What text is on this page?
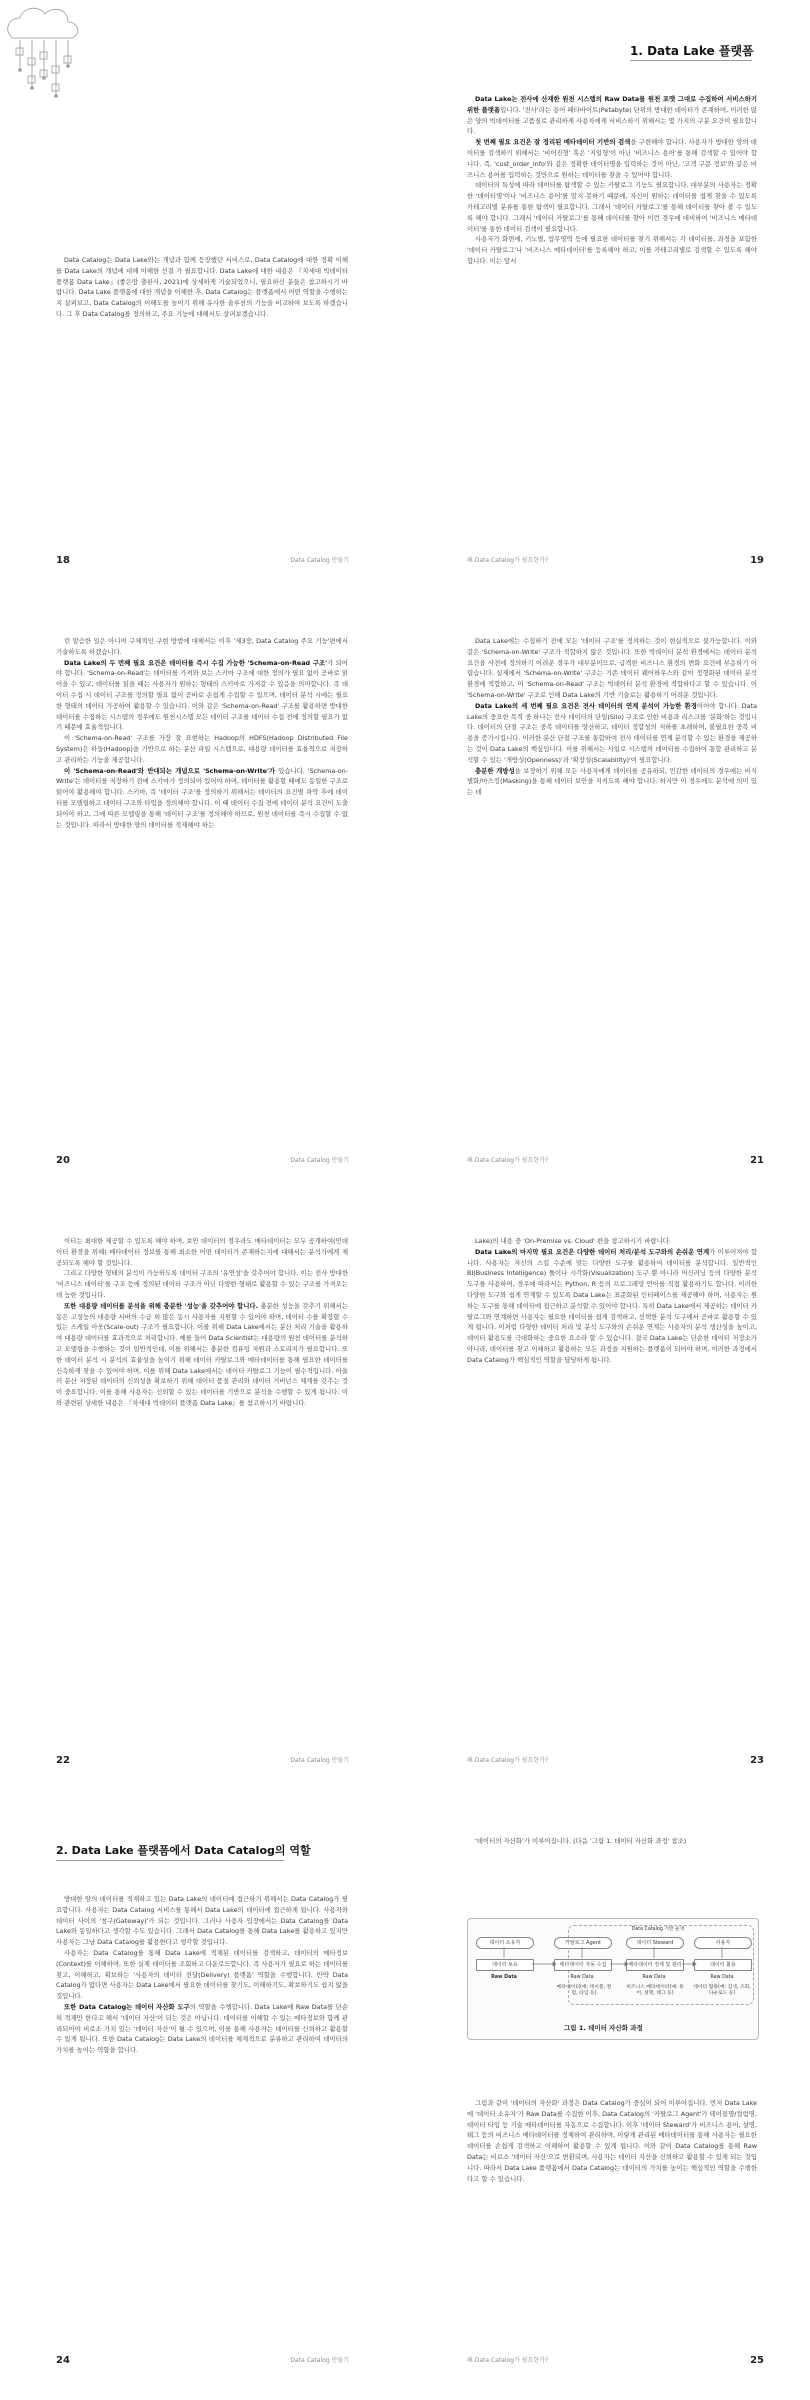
Data Catalog는 Data Lake와는 개념과 함께 등장했던 서비스로, Data Catalog에 대한 정확 이해를 Data Lake의 개념에 대해 이해한 선결 가 필요합니다. Data Lake에 대한 내용은 『차세대 빅데이터 플랫폼 Data Lake』(좋은땅 출판사, 2021)에 상세하게 기술되었으니, 필요하신 분들은 참고하시기 바랍니다. Data Lake 플랫폼에 대한 개념을 이해한 후, Data Catalog는 플랫폼에서 어떤 역할을 수행하는지 살펴보고, Data Catalog의 이해도를 높이기 위해 유사한 솔루션의 기능을 비교하여 보도록 하겠습니다. 그 후 Data Catalog를 정의하고, 주요 기능에 대해서도 살펴보겠습니다.

18	Data Catalog 만들기
1. Data Lake 플랫폼

Data Lake는 전사에 산재한 원천 시스템의 Raw Data를 원천 포맷 그대로 수집하여 서비스하기 위한 플랫폼입니다. '전사'라는 용어 페타바이트(Petabyte) 단위의 방대한 데이터가 존재하여, 이러한 많은 양의 빅데이터를 고품질로 관리하게 사용자에게 서비스하기 위해서는 몇 가지의 구분 요건이 필요합니다.

첫 번째 필요 요건은 잘 정리된 메타데이터 기반의 검색을 구현해야 합니다. 사용자가 방대한 양의 데이터를 검색하기 위해서는 '비어진형' 혹은 '지일형'이 아닌 '비즈니스 용어'를 통해 검색할 수 있어야 합니다. 즉, 'cust_order_info'와 같은 정확한 데이터명을 입력하는 것이 아닌, '고객 구문 정보'와 같은 비즈니스 용어를 입력하는 것만으로 원하는 데이터를 찾을 수 있어야 합니다.

데이터의 특성에 따라 데이터를 탐색할 수 있는 카탈로그 기능도 필요합니다. 대부분의 사용자는 정확한 '데이터명'이나 '비즈니스 용어'를 알지 못하기 때문에, 자신이 원하는 데이터를 쉽게 찾을 수 있도록 카테고리별 분류를 통한 탐색이 필요합니다. 그래서 '데이터 카탈로그'를 통해 데이터를 찾아 볼 수 있도록 해야 합니다. 그래서 '데이터 카탈로그'를 통해 데이터를 찾아 이런 경우에 대비하여 '비즈니스 메타데이터'를 통한 데이터 검색이 필요합니다.

사용자가 화면에, 키노별, 업무영역 등에 필요한 데이터를 찾기 위해서는 각 데이터를, 과정을 포함한 '데이터 카탈로그'나 '비즈니스 메타데이터'를 등록해야 하고, 이를 카테고리별로 검색할 수 있도록 해야 합니다. 이는 앞서

왜 Data Catalog가 필요한가?	19

린 말슴한 일은 아니며 구체적인 구현 방법에 대해서는 이후 '제3장, Data Catalog 주요 기능'편에서 기술하도록 하겠습니다.

Data Lake의 두 번째 필요 요건은 데이터를 즉시 수집 가능한 'Schema-on-Read 구조'가 되어야 합니다. 'Schema-on-Read'는 데이터를 가져와 보는 스키마 구조에 대한 정의가 필요 없이 곧바로 읽어올 수 있고, 데이터를 읽을 때는 사용자가 원하는 형태의 스키마로 가져갈 수 있음을 의미합니다. 즉 데이터 수집 시 데이터 구조를 정의할 필요 없이 곧바로 손쉽게 수집할 수 있으며, 데이터 분석 시에는 필요한 형태의 데이터 가공하여 활용할 수 있습니다. 이와 같은 'Schema-on-Read' 구조를 활용하면 방대한 데이터를 수집하는 시스템의 경우에도 원천시스템 모든 데이터 구조를 데이터 수집 전에 정의할 필요가 없기 때문에 효율적입니다.

이 'Schema-on-Read' 구조를 가장 잘 표현하는 Hadoop의 HDFS(Hadoop Distributed File System)은 하둡(Hadoop)을 기반으로 하는 분산 파일 시스템으로, 대용량 데이터를 효율적으로 저장하고 관리하는 기능을 제공합니다.

이 'Schema-on-Read'와 반대되는 개념으로 'Schema-on-Write'가 있습니다. 'Schema-on-Write'는 데이터를 저장하기 전에 스키마가 정의되어 있어야 하며, 데이터를 활용할 때에도 동일한 구조로 읽어야 활용해야 합니다. 스키마, 즉 '데이터 구조'를 정의하기 위해서는 데이터의 요건별 파악 후에 데이터를 모델링하고 데이터 구조와 타입을 정의해야 합니다. 이 때 데이터 수집 전에 데이터 분석 요건이 도출되어야 하고, 그에 따른 모델링을 통해 '데이터 구조'를 정의해야 하므로, 원천 데이터를 즉시 수집할 수 없는 것입니다. 따라서 방대한 양의 데이터를 적재해야 하는

20	Data Catalog 만들기

Data Lake에는 수집하기 전에 모든 '데이터 구조'를 정의하는 것이 현실적으로 불가능합니다. 이와 같은 'Schema-on-Write' 구조가 적합하지 않은 것입니다. 또한 빅데이터 분석 환경에서는 데이터 분석 요건을 사전에 정의하기 어려운 경우가 대부분이므로, 급격한 비즈니스 환경의 변화 요건에 부응하기 어렵습니다. 실제에서 'Schema-on-Write' 구조는 기존 데이터 웨어하우스와 같이 정형화된 데이터 분석 환경에 적합하고, 이 'Schema-on-Read' 구조는 빅데이터 분석 환경에 적합하다고 할 수 있습니다. 이 'Schema-on-Write' 구조로 인해 Data Lake의 기반 기술로는 활용하기 어려운 것입니다.

Data Lake의 세 번째 필요 요건은 전사 데이터의 연계 분석이 가능한 환경이어야 합니다. Data Lake의 중요한 목적 중 하나는 전사 데이터의 단일(Silo) 구조로 인한 비용과 리스크를 '분화'하는 것입니다. 데이터의 단절 구조는 중복 데이터를 양산하고, 데이터 정합성의 저하를 초래하며, 불필요한 중복 비용을 증가시킵니다. 이러한 분산 단절 구조를 통합하여 전사 데이터를 연계 분석할 수 있는 환경을 제공하는 것이 Data Lake의 핵심입니다. 이를 위해서는 사일로 시스템의 데이터를 수집하여 통합 관리하고 분석할 수 있는 '개방성(Openness)'과 '확장성(Scalability)'이 필요합니다.

충분한 개방성을 보장하기 위해 모든 사용자에게 데이터를 공유하되, 민감한 데이터의 경우에는 비식별화/마스킹(Masking)을 통해 데이터 보안을 지켜도록 해야 합니다. 하지만 이 경우에도 분석에 의미 있는 데

왜 Data Catalog가 필요한가?	21

이터는 최대한 제공할 수 있도록 해야 하며, 보안 데이터의 경우라도 메타데이터는 모두 공개하여(민데이터 환경을 위해) 메타데이터 정보를 통해 최소한 어떤 데이터가 존재하는지에 대해서는 분석가에게 제공되도록 해야 할 것입니다.

그리고 다양한 형태의 분석이 가능하도록 데이터 구조의 '유연성'을 갖추어야 합니다. 이는 전사 방대한 '비즈니스 데이터'를 구조 등에 정의된 데이터 구조가 아닌 다양한 형태로 활용할 수 있는 구조를 가져오는데 능한 것입니다.

또한 대용량 데이터를 분석을 위해 충분한 '성능'을 갖추어야 합니다. 충분한 성능을 갖추기 위해서는 동은 고성능의 대용량 서버의 수급 외 많은 동시 사용자를 지원할 수 있어야 하며, 데이터 수를 확장할 수 있는 스케일 아웃(Scale-out) 구조가 필요합니다. 이를 위해 Data Lake에서는 분산 처리 기술을 활용하여 대용량 데이터를 효과적으로 처리합니다. 예를 들어 Data Scientist는 대용량의 원천 데이터를 분석하고 모델링을 수행하는 것이 일반적인데, 이를 위해서는 충분한 컴퓨팅 자원과 스토리지가 필요합니다. 또한 데이터 분석 시 분석의 효율성을 높이기 위해 데이터 카탈로그와 메타데이터를 통해 필요한 데이터를 신속하게 찾을 수 있어야 하며, 이를 위해 Data Lake에서는 데이터 카탈로그 기능이 필수적입니다. 아울러 분산 저장된 데이터의 신뢰성을 확보하기 위해 데이터 품질 관리와 데이터 거버넌스 체계를 갖추는 것이 중요합니다. 이를 통해 사용자는 신뢰할 수 있는 데이터를 기반으로 분석을 수행할 수 있게 됩니다. 이와 관련된 상세한 내용은 『차세대 빅데이터 플랫폼 Data Lake』를 참고하시기 바랍니다.

22	Data Catalog 만들기

Lake)의 내용 중 'On-Premise vs. Cloud' 편을 참고하시기 바랍니다.

Data Lake의 마지막 필요 요건은 다양한 데이터 처리/분석 도구와의 손쉬운 연계가 이루어져야 합니다. 사용자는 자신의 스킬 수준에 맞는 다양한 도구를 활용하여 데이터를 분석합니다. 일반적인 BI(Business Intelligence) 툴이나 시각화(Visualization) 도구 뿐 아니라 머신러닝 등의 다양한 분석 도구를 사용하며, 경우에 따라서는 Python, R 등의 프로그래밍 언어를 직접 활용하기도 합니다. 이러한 다양한 도구와 쉽게 연계할 수 있도록 Data Lake는 표준화된 인터페이스를 제공해야 하며, 사용자는 원하는 도구를 통해 데이터에 접근하고 분석할 수 있어야 합니다. 특히 Data Lake에서 제공하는 데이터 카탈로그와 연계하면 사용자는 필요한 데이터를 쉽게 검색하고, 선택한 분석 도구에서 곧바로 활용할 수 있게 됩니다. 이처럼 다양한 데이터 처리 및 분석 도구와의 손쉬운 연계는 사용자의 분석 생산성을 높이고, 데이터 활용도를 극대화하는 중요한 요소라 할 수 있습니다. 결국 Data Lake는 단순한 데이터 저장소가 아니라, 데이터를 찾고 이해하고 활용하는 모든 과정을 지원하는 플랫폼이 되어야 하며, 이러한 과정에서 Data Catalog가 핵심적인 역할을 담당하게 됩니다.

왜 Data Catalog가 필요한가?	23
2. Data Lake 플랫폼에서 Data Catalog의 역할

방대한 양의 데이터를 적재하고 있는 Data Lake의 데이터에 접근하기 위해서는 Data Catalog가 필요합니다. 사용자는 Data Catalog 서비스를 통해서 Data Lake의 데이터에 접근하게 됩니다. 사용자와 데이터 사이의 '창구(Gateway)'가 되는 것입니다. 그러나 사용자 입장에서는 Data Catalog를 Data Lake와 동일하다고 생각할 수도 있습니다. 그래서 Data Catalog를 통해 Data Lake를 활용하고 있지만 사용자는 그냥 Data Catalog를 활용한다고 생각할 것입니다.

사용자는 Data Catalog를 통해 Data Lake에 적재된 데이터를 검색하고, 데이터의 메타정보(Context)를 이해하며, 또한 실제 데이터를 조회하고 다운로드합니다. 즉 사용자가 필요로 하는 데이터를 찾고, 이해하고, 확보하는 '사용자의 데이터 전달(Delivery) 플랫폼' 역할을 수행합니다. 만약 Data Catalog가 없다면 사용자는 Data Lake에서 필요한 데이터를 찾기도, 이해하기도, 확보하기도 쉽지 않을 것입니다.

또한 Data Catalog는 데이터 자산화 도구의 역할을 수행합니다. Data Lake에 Raw Data를 단순히 적재만 한다고 해서 '데이터 자산'이 되는 것은 아닙니다. 데이터를 이해할 수 있는 메타정보와 함께 관리되어야 비로소 가치 있는 '데이터 자산'이 될 수 있으며, 이를 통해 사용자는 데이터를 신뢰하고 활용할 수 있게 됩니다. 또한 Data Catalog는 Data Lake의 데이터를 체계적으로 분류하고 관리하여 데이터의 가치를 높이는 역할을 합니다.

24	Data Catalog 만들기

'데이터의 자산화'가 이루어집니다. (다음 '그림 1. 데이터 자산화 과정' 참조)

Data Catalog 기반 운영
데이터 소유자	카탈로그 Agent	데이터 Steward	사용자
데이터 보유	메타데이터 자동 수집	메타데이터 정제 및 관리	데이터 활용
Raw Data	Raw Data	Raw Data	Raw Data
메타데이터(예: 테이블, 컬럼, 타입 등)
비즈니스 메타데이터(예: 용어, 설명, 태그 등)
데이터 활용(예: 검색, 조회, 다운로드 등)
그림 1. 데이터 자산화 과정

그림과 같이 '데이터의 자산화' 과정은 Data Catalog가 중심이 되어 이루어집니다. 먼저 Data Lake에 '데이터 소유자'가 Raw Data를 수집한 이후, Data Catalog의 '카탈로그 Agent'가 테이블명/컬럼명, 데이터 타입 등 기술 메타데이터를 자동으로 수집합니다. 이후 '데이터 Steward'가 비즈니스 용어, 설명, 태그 등의 비즈니스 메타데이터를 정제하여 관리하며, 이렇게 관리된 메타데이터를 통해 사용자는 필요한 데이터를 손쉽게 검색하고 이해하여 활용할 수 있게 됩니다. 이와 같이 Data Catalog를 통해 Raw Data는 비로소 '데이터 자산'으로 변환되며, 사용자는 데이터 자산을 신뢰하고 활용할 수 있게 되는 것입니다. 따라서 Data Lake 플랫폼에서 Data Catalog는 데이터의 가치를 높이는 핵심적인 역할을 수행한다고 할 수 있습니다.

왜 Data Catalog가 필요한가?	25
